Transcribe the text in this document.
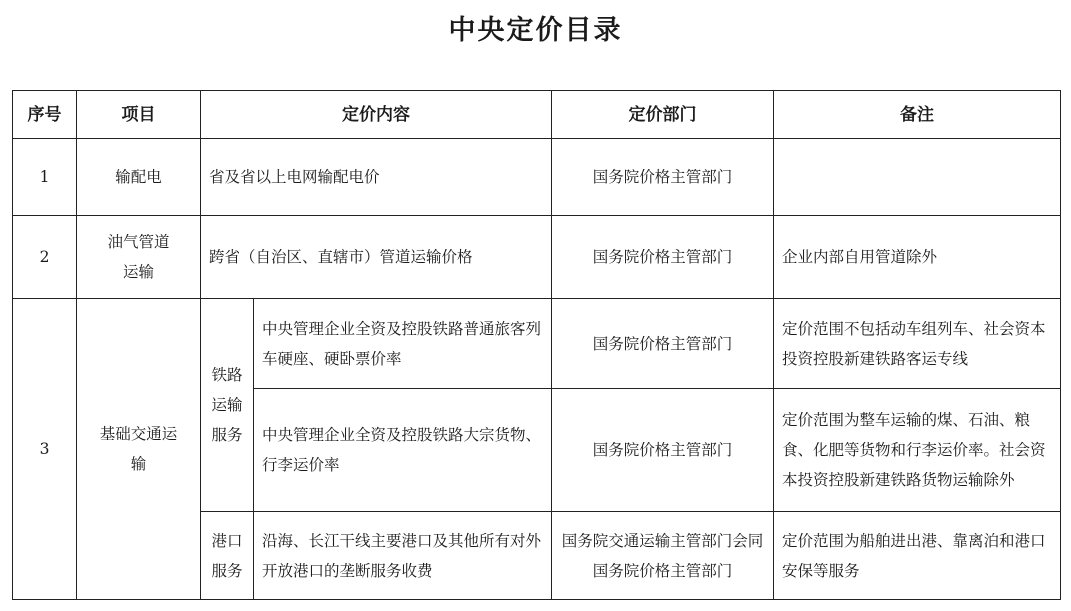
中央定价目录
序号	项目	定价内容		定价部门	备注
1	输配电	省及省以上电网输配电价		国务院价格主管部门	
2	油气管道运输	跨省（自治区、直辖市）管道运输价格		国务院价格主管部门	企业内部自用管道除外
3	基础交通运输	铁路运输服务	中央管理企业全资及控股铁路普通旅客列车硬座、硬卧票价率	国务院价格主管部门	定价范围不包括动车组列车、社会资本投资控股新建铁路客运专线
			中央管理企业全资及控股铁路大宗货物、行李运价率	国务院价格主管部门	定价范围为整车运输的煤、石油、粮食、化肥等货物和行李运价率。社会资本投资控股新建铁路货物运输除外
		港口服务	沿海、长江干线主要港口及其他所有对外开放港口的垄断服务收费	国务院交通运输主管部门会同国务院价格主管部门	定价范围为船舶进出港、靠离泊和港口安保等服务
